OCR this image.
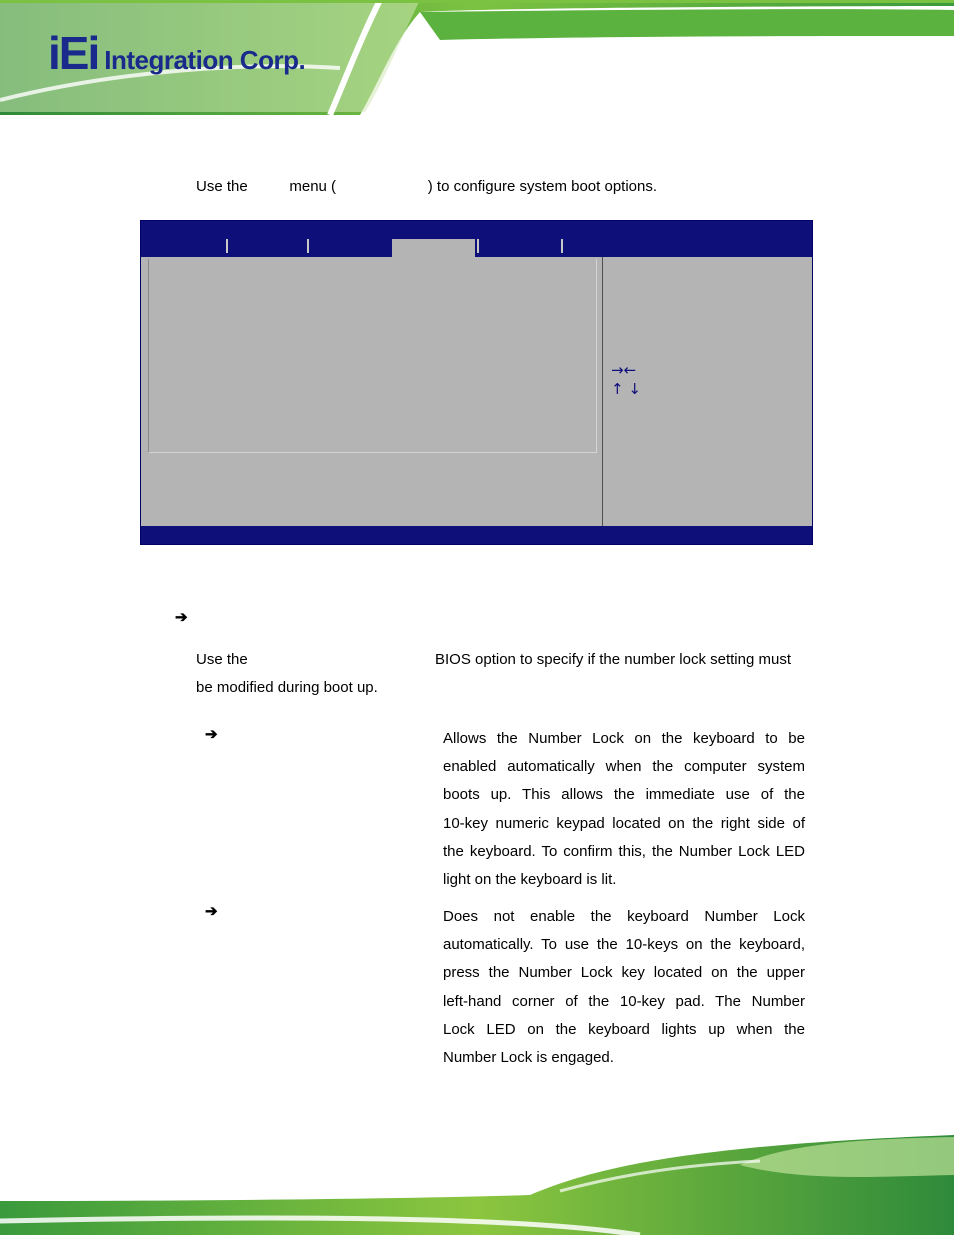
iEi Integration Corp.
Use the          menu (                      ) to configure system boot options.
→←
↑ ↓
➔
Use the	BIOS option to specify if the number lock setting must
be modified during boot up.
➔	Allows the Number Lock on the keyboard to be
enabled automatically when the computer system
boots up. This allows the immediate use of the
10-key numeric keypad located on the right side of
the keyboard. To confirm this, the Number Lock LED
light on the keyboard is lit.
➔	Does not enable the keyboard Number Lock
automatically. To use the 10-keys on the keyboard,
press the Number Lock key located on the upper
left-hand corner of the 10-key pad. The Number
Lock LED on the keyboard lights up when the
Number Lock is engaged.
